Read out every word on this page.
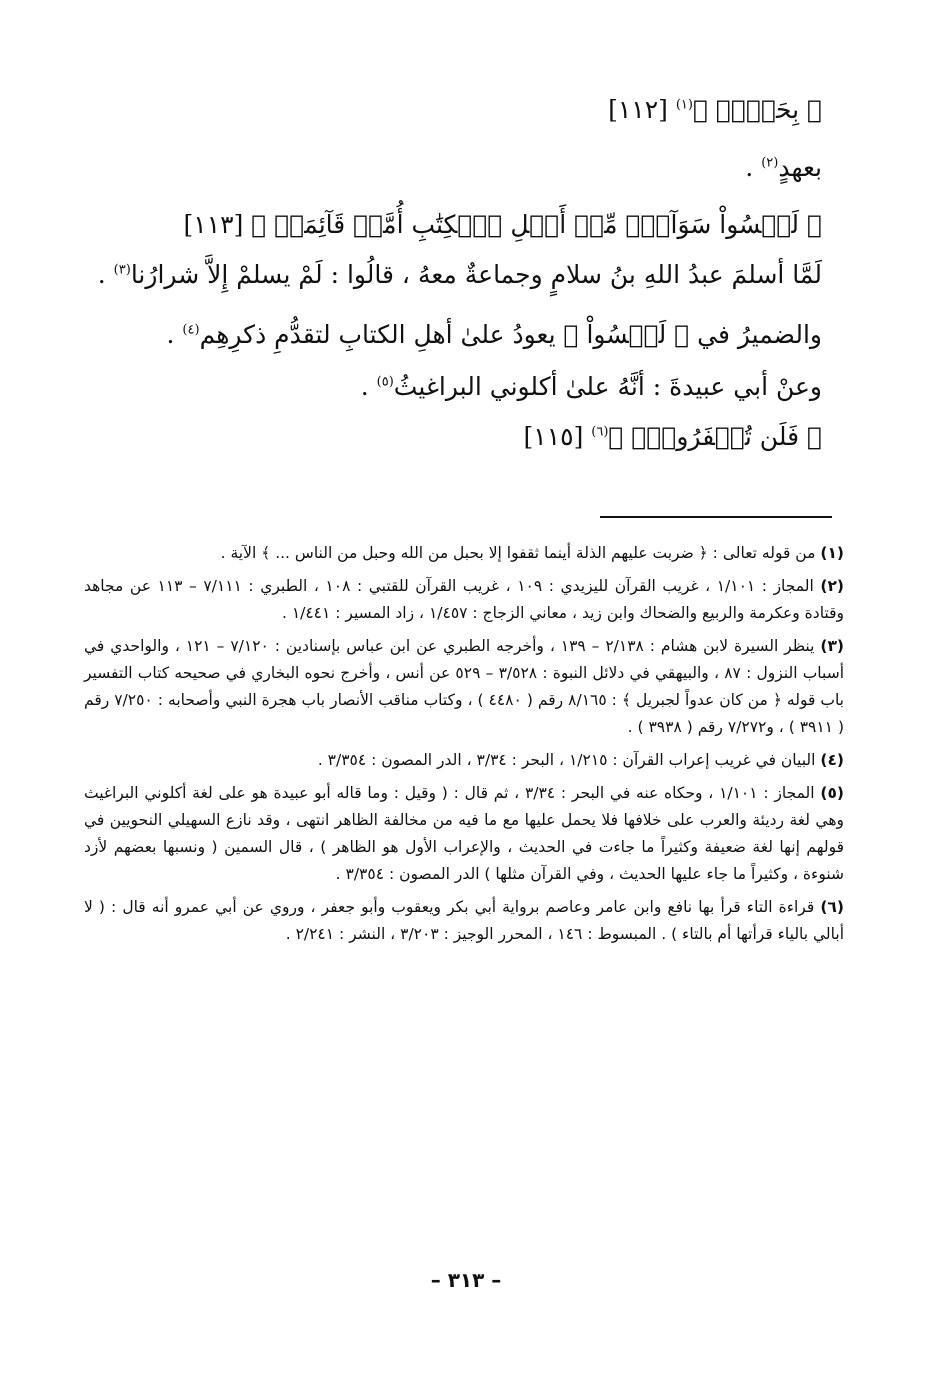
﴿ بِحَبۡلٖ ﴾$^{(١)}$ [١١٢]

بعهدٍ$^{(٢)}$ .

﴿ لَيۡسُواْ سَوَآءٗۗ مِّنۡ أَهۡلِ ٱلۡكِتَٰبِ أُمَّةٞ قَآئِمَةٞ ﴾ [١١٣]

لَمَّا أسلمَ عبدُ اللهِ بنُ سلامٍ وجماعةٌ معهُ ، قالُوا : لَمْ يسلمْ إِلاَّ شرارُنا$^{(٣)}$ .

والضميرُ في ﴿ لَيۡسُواْ ﴾ يعودُ علىٰ أهلِ الكتابِ لتقدُّمِ ذكرِهِم$^{(٤)}$ .

وعنْ أبي عبيدةَ : أنَّهُ علىٰ أكلوني البراغيثُ$^{(٥)}$ .

﴿ فَلَن تُكۡفَرُوهُۗ ﴾$^{(٦)}$ [١١٥]

(١) من قوله تعالى : ﴿ ضربت عليهم الذلة أينما ثقفوا إلا بحبل من الله وحبل من الناس ... ﴾ الآية .

(٢) المجاز : ١/١٠١ ، غريب القرآن لليزيدي : ١٠٩ ، غريب القرآن للقتبي : ١٠٨ ، الطبري : ٧/١١١ – ١١٣ عن مجاهد وقتادة وعكرمة والربيع والضحاك وابن زيد ، معاني الزجاج : ١/٤٥٧ ، زاد المسير : ١/٤٤١ .

(٣) ينظر السيرة لابن هشام : ٢/١٣٨ – ١٣٩ ، وأخرجه الطبري عن ابن عباس بإسنادين : ٧/١٢٠ – ١٢١ ، والواحدي في أسباب النزول : ٨٧ ، والبيهقي في دلائل النبوة : ٣/٥٢٨ – ٥٢٩ عن أنس ، وأخرج نحوه البخاري في صحيحه كتاب التفسير باب قوله ﴿ من كان عدواً لجبريل ﴾ : ٨/١٦٥ رقم ( ٤٤٨٠ ) ، وكتاب مناقب الأنصار باب هجرة النبي وأصحابه : ٧/٢٥٠ رقم ( ٣٩١١ ) ، و٧/٢٧٢ رقم ( ٣٩٣٨ ) .

(٤) البيان في غريب إعراب القرآن : ١/٢١٥ ، البحر : ٣/٣٤ ، الدر المصون : ٣/٣٥٤ .

(٥) المجاز : ١/١٠١ ، وحكاه عنه في البحر : ٣/٣٤ ، ثم قال : ( وقيل : وما قاله أبو عبيدة هو على لغة أكلوني البراغيث وهي لغة رديئة والعرب على خلافها فلا يحمل عليها مع ما فيه من مخالفة الظاهر انتهى ، وقد نازع السهيلي النحويين في قولهم إنها لغة ضعيفة وكثيراً ما جاءت في الحديث ، والإعراب الأول هو الظاهر ) ، قال السمين ( ونسبها بعضهم لأزد شنوءة ، وكثيراً ما جاء عليها الحديث ، وفي القرآن مثلها ) الدر المصون : ٣/٣٥٤ .

(٦) قراءة التاء قرأ بها نافع وابن عامر وعاصم برواية أبي بكر ويعقوب وأبو جعفر ، وروي عن أبي عمرو أنه قال : ( لا أبالي بالياء قرأتها أم بالتاء ) . المبسوط : ١٤٦ ، المحرر الوجيز : ٣/٢٠٣ ، النشر : ٢/٢٤١ .

– ٣١٣ –
